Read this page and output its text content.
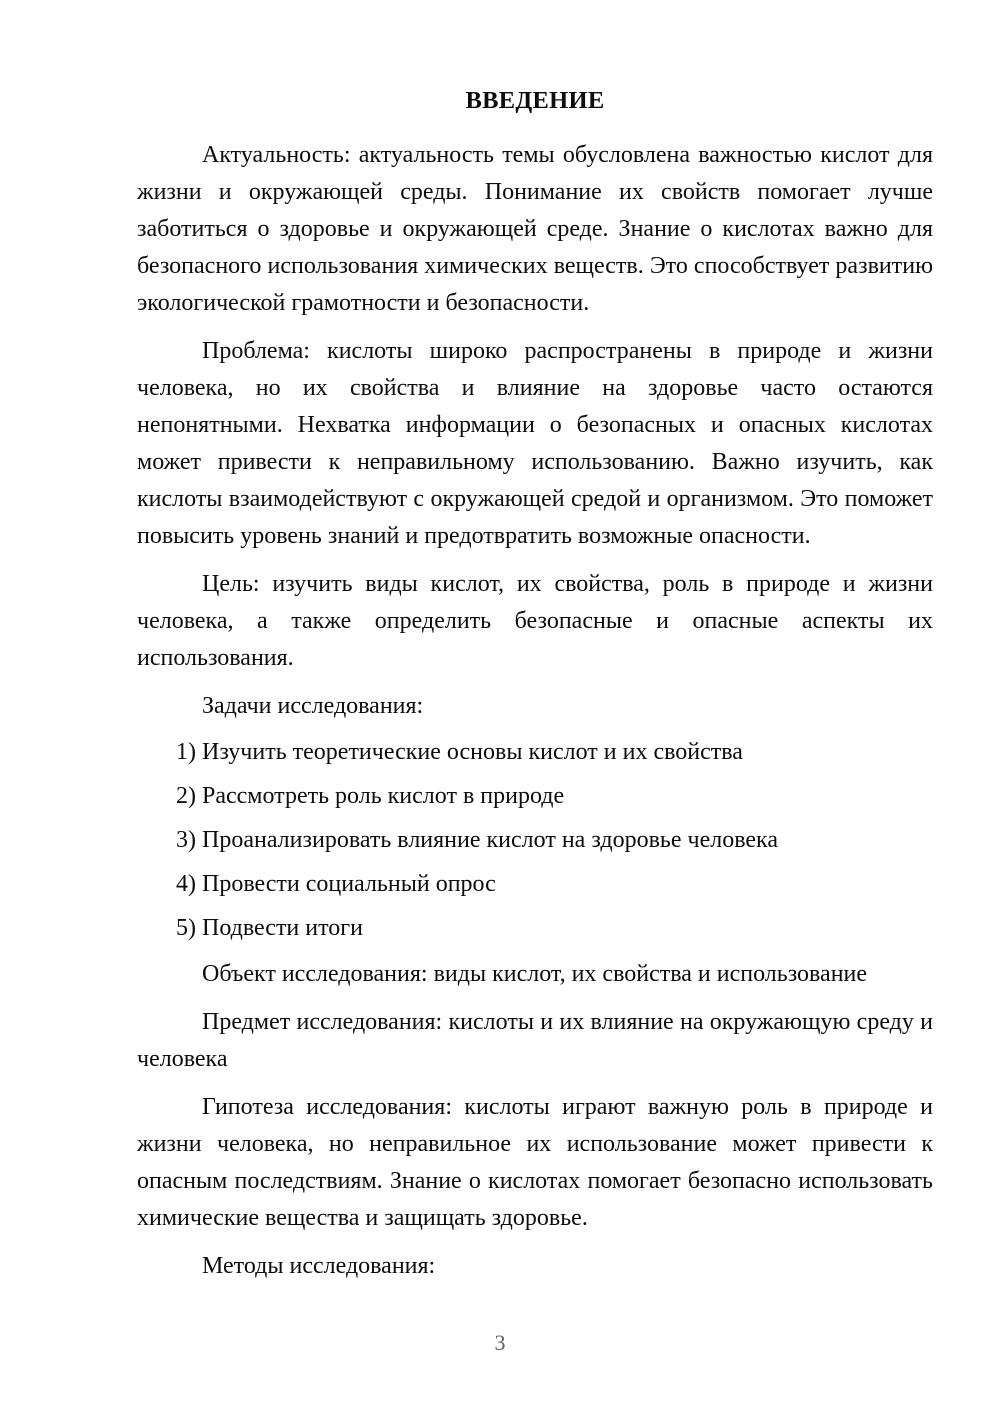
ВВЕДЕНИЕ

Актуальность: актуальность темы обусловлена важностью кислот для жизни и окружающей среды. Понимание их свойств помогает лучше заботиться о здоровье и окружающей среде. Знание о кислотах важно для безопасного использования химических веществ. Это способствует развитию экологической грамотности и безопасности.

Проблема: кислоты широко распространены в природе и жизни человека, но их свойства и влияние на здоровье часто остаются непонятными. Нехватка информации о безопасных и опасных кислотах может привести к неправильному использованию. Важно изучить, как кислоты взаимодействуют с окружающей средой и организмом. Это поможет повысить уровень знаний и предотвратить возможные опасности.

Цель: изучить виды кислот, их свойства, роль в природе и жизни человека, а также определить безопасные и опасные аспекты их использования.

Задачи исследования:

1) Изучить теоретические основы кислот и их свойства
2) Рассмотреть роль кислот в природе
3) Проанализировать влияние кислот на здоровье человека
4) Провести социальный опрос
5) Подвести итоги

Объект исследования: виды кислот, их свойства и использование

Предмет исследования: кислоты и их влияние на окружающую среду и человека

Гипотеза исследования: кислоты играют важную роль в природе и жизни человека, но неправильное их использование может привести к опасным последствиям. Знание о кислотах помогает безопасно использовать химические вещества и защищать здоровье.

Методы исследования:

3
